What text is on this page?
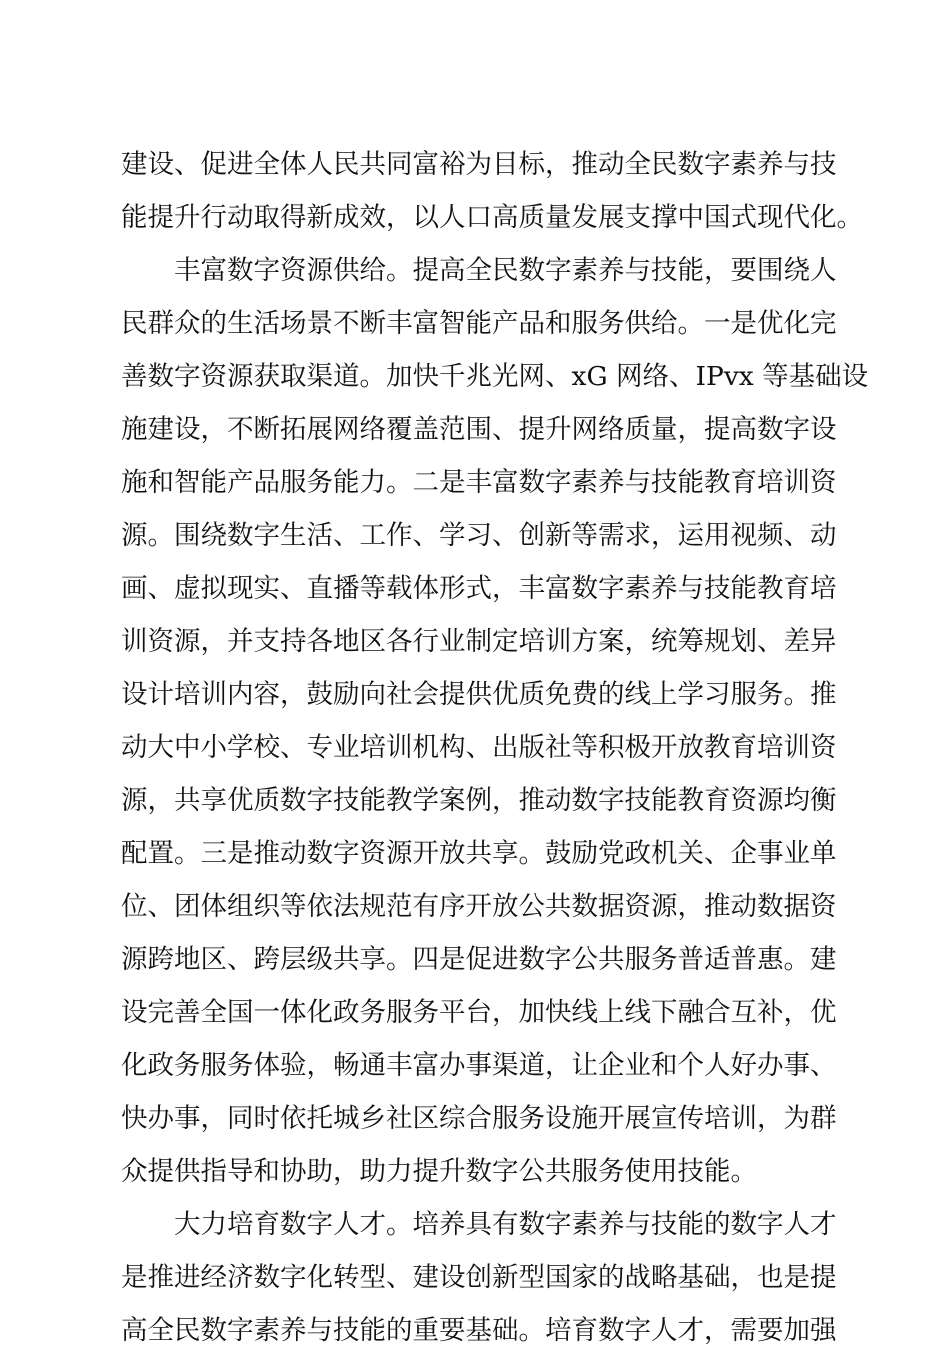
建设、促进全体人民共同富裕为目标，推动全民数字素养与技
能提升行动取得新成效，以人口高质量发展支撑中国式现代化。
丰富数字资源供给。提高全民数字素养与技能，要围绕人
民群众的生活场景不断丰富智能产品和服务供给。一是优化完
善数字资源获取渠道。加快千兆光网、xG 网络、IPvx 等基础设
施建设，不断拓展网络覆盖范围、提升网络质量，提高数字设
施和智能产品服务能力。二是丰富数字素养与技能教育培训资
源。围绕数字生活、工作、学习、创新等需求，运用视频、动
画、虚拟现实、直播等载体形式，丰富数字素养与技能教育培
训资源，并支持各地区各行业制定培训方案，统筹规划、差异
设计培训内容，鼓励向社会提供优质免费的线上学习服务。推
动大中小学校、专业培训机构、出版社等积极开放教育培训资
源，共享优质数字技能教学案例，推动数字技能教育资源均衡
配置。三是推动数字资源开放共享。鼓励党政机关、企事业单
位、团体组织等依法规范有序开放公共数据资源，推动数据资
源跨地区、跨层级共享。四是促进数字公共服务普适普惠。建
设完善全国一体化政务服务平台，加快线上线下融合互补，优
化政务服务体验，畅通丰富办事渠道，让企业和个人好办事、
快办事，同时依托城乡社区综合服务设施开展宣传培训，为群
众提供指导和协助，助力提升数字公共服务使用技能。
大力培育数字人才。培养具有数字素养与技能的数字人才
是推进经济数字化转型、建设创新型国家的战略基础，也是提
高全民数字素养与技能的重要基础。培育数字人才，需要加强
